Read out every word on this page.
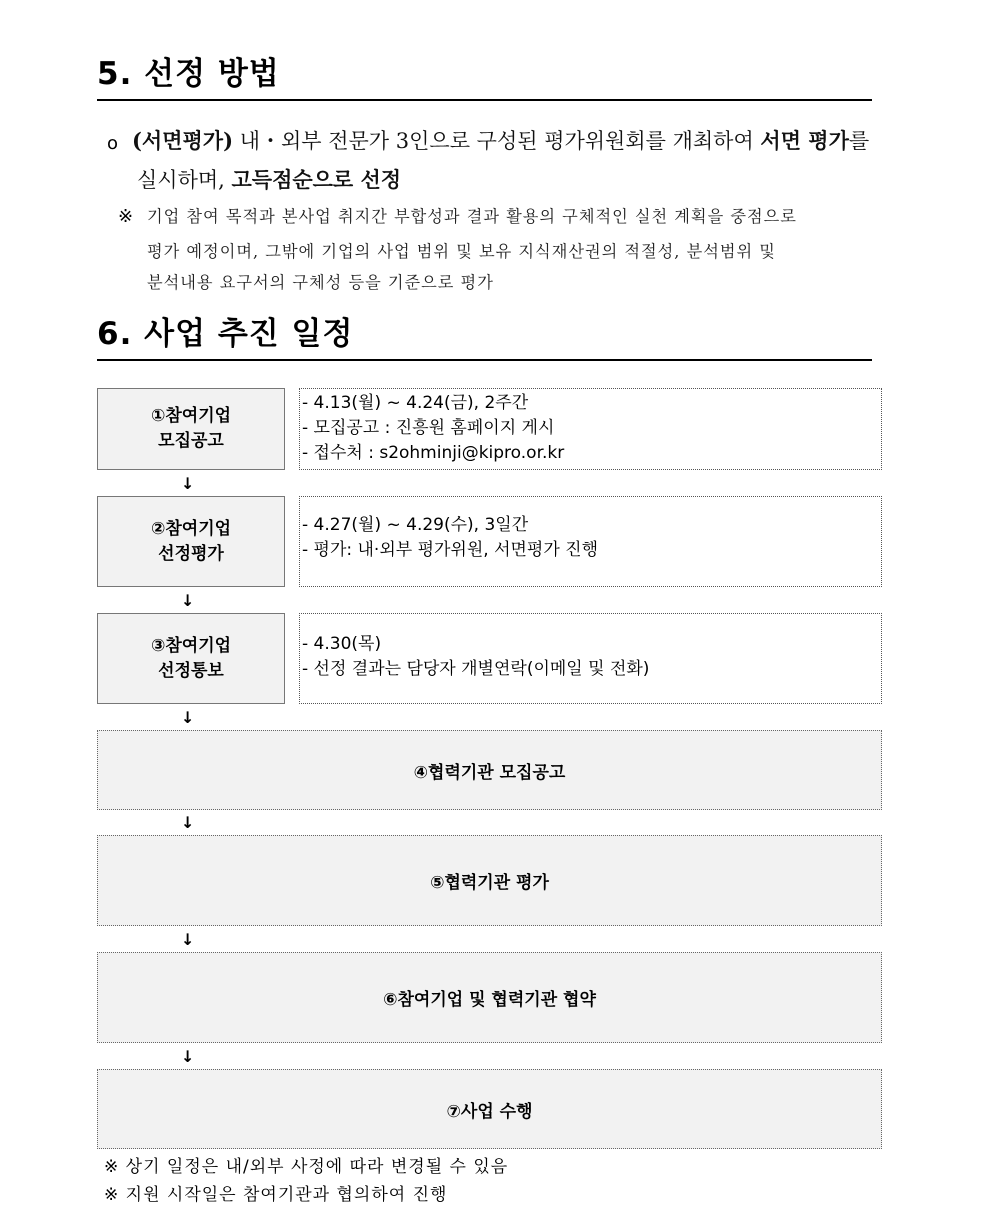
5. 선정 방법
o (서면평가) 내・외부 전문가 3인으로 구성된 평가위원회를 개최하여 서면 평가를

실시하며, 고득점순으로 선정

※ 기업 참여 목적과 본사업 취지간 부합성과 결과 활용의 구체적인 실천 계획을 중점으로

평가 예정이며, 그밖에 기업의 사업 범위 및 보유 지식재산권의 적절성, 분석범위 및

분석내용 요구서의 구체성 등을 기준으로 평가

6. 사업 추진 일정
①참여기업
모집공고
- 4.13(월) ~ 4.24(금), 2주간
- 모집공고 : 진흥원 홈페이지 게시
- 접수처 : s2ohminji@kipro.or.kr
↓
②참여기업
선정평가
- 4.27(월) ~ 4.29(수), 3일간
- 평가: 내·외부 평가위원, 서면평가 진행
↓
③참여기업
선정통보
- 4.30(목)
- 선정 결과는 담당자 개별연락(이메일 및 전화)
↓
④협력기관 모집공고
↓
⑤협력기관 평가
↓
⑥참여기업 및 협력기관 협약
↓
⑦사업 수행
※ 상기 일정은 내/외부 사정에 따라 변경될 수 있음
※ 지원 시작일은 참여기관과 협의하여 진행
